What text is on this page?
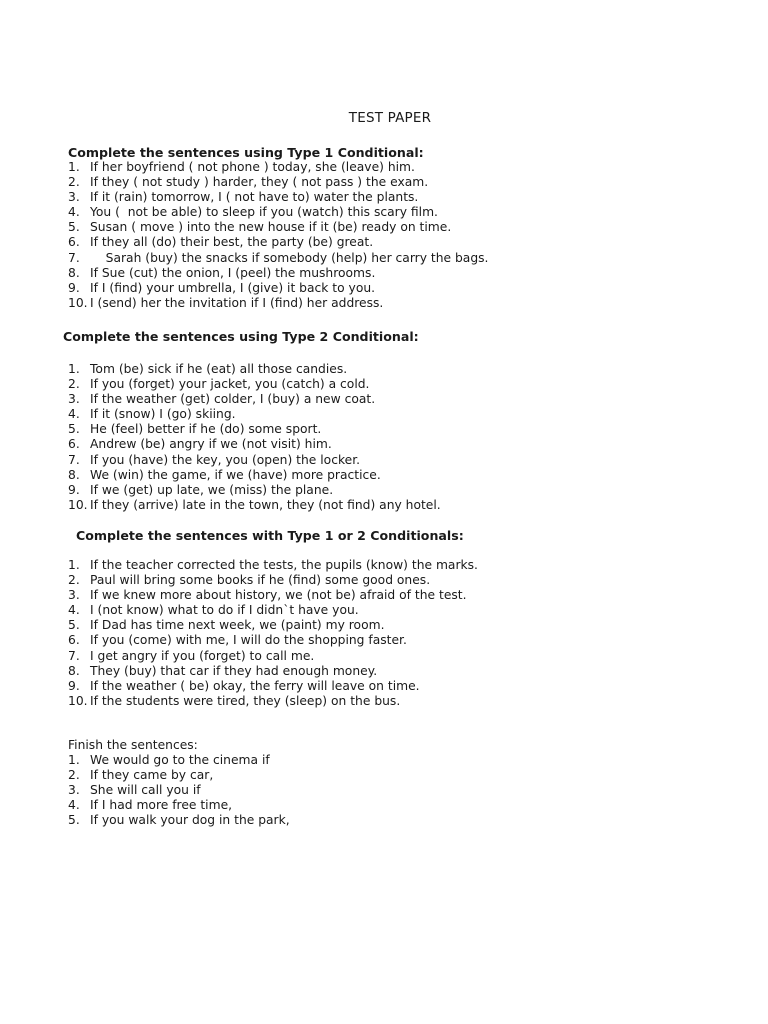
TEST PAPER

Complete the sentences using Type 1 Conditional:

1. If her boyfriend ( not phone ) today, she (leave) him.
2. If they ( not study ) harder, they ( not pass ) the exam.
3. If it (rain) tomorrow, I ( not have to) water the plants.
4. You (  not be able) to sleep if you (watch) this scary film.
5. Susan ( move ) into the new house if it (be) ready on time.
6. If they all (do) their best, the party (be) great.
7.    Sarah (buy) the snacks if somebody (help) her carry the bags.
8. If Sue (cut) the onion, I (peel) the mushrooms.
9. If I (find) your umbrella, I (give) it back to you.
10. I (send) her the invitation if I (find) her address.

Complete the sentences using Type 2 Conditional:

1. Tom (be) sick if he (eat) all those candies.
2. If you (forget) your jacket, you (catch) a cold.
3. If the weather (get) colder, I (buy) a new coat.
4. If it (snow) I (go) skiing.
5. He (feel) better if he (do) some sport.
6. Andrew (be) angry if we (not visit) him.
7. If you (have) the key, you (open) the locker.
8. We (win) the game, if we (have) more practice.
9. If we (get) up late, we (miss) the plane.
10. If they (arrive) late in the town, they (not find) any hotel.

Complete the sentences with Type 1 or 2 Conditionals:

1. If the teacher corrected the tests, the pupils (know) the marks.
2. Paul will bring some books if he (find) some good ones.
3. If we knew more about history, we (not be) afraid of the test.
4. I (not know) what to do if I didn`t have you.
5. If Dad has time next week, we (paint) my room.
6. If you (come) with me, I will do the shopping faster.
7. I get angry if you (forget) to call me.
8. They (buy) that car if they had enough money.
9. If the weather ( be) okay, the ferry will leave on time.
10. If the students were tired, they (sleep) on the bus.

Finish the sentences:

1. We would go to the cinema if
2. If they came by car,
3. She will call you if
4. If I had more free time,
5. If you walk your dog in the park,
